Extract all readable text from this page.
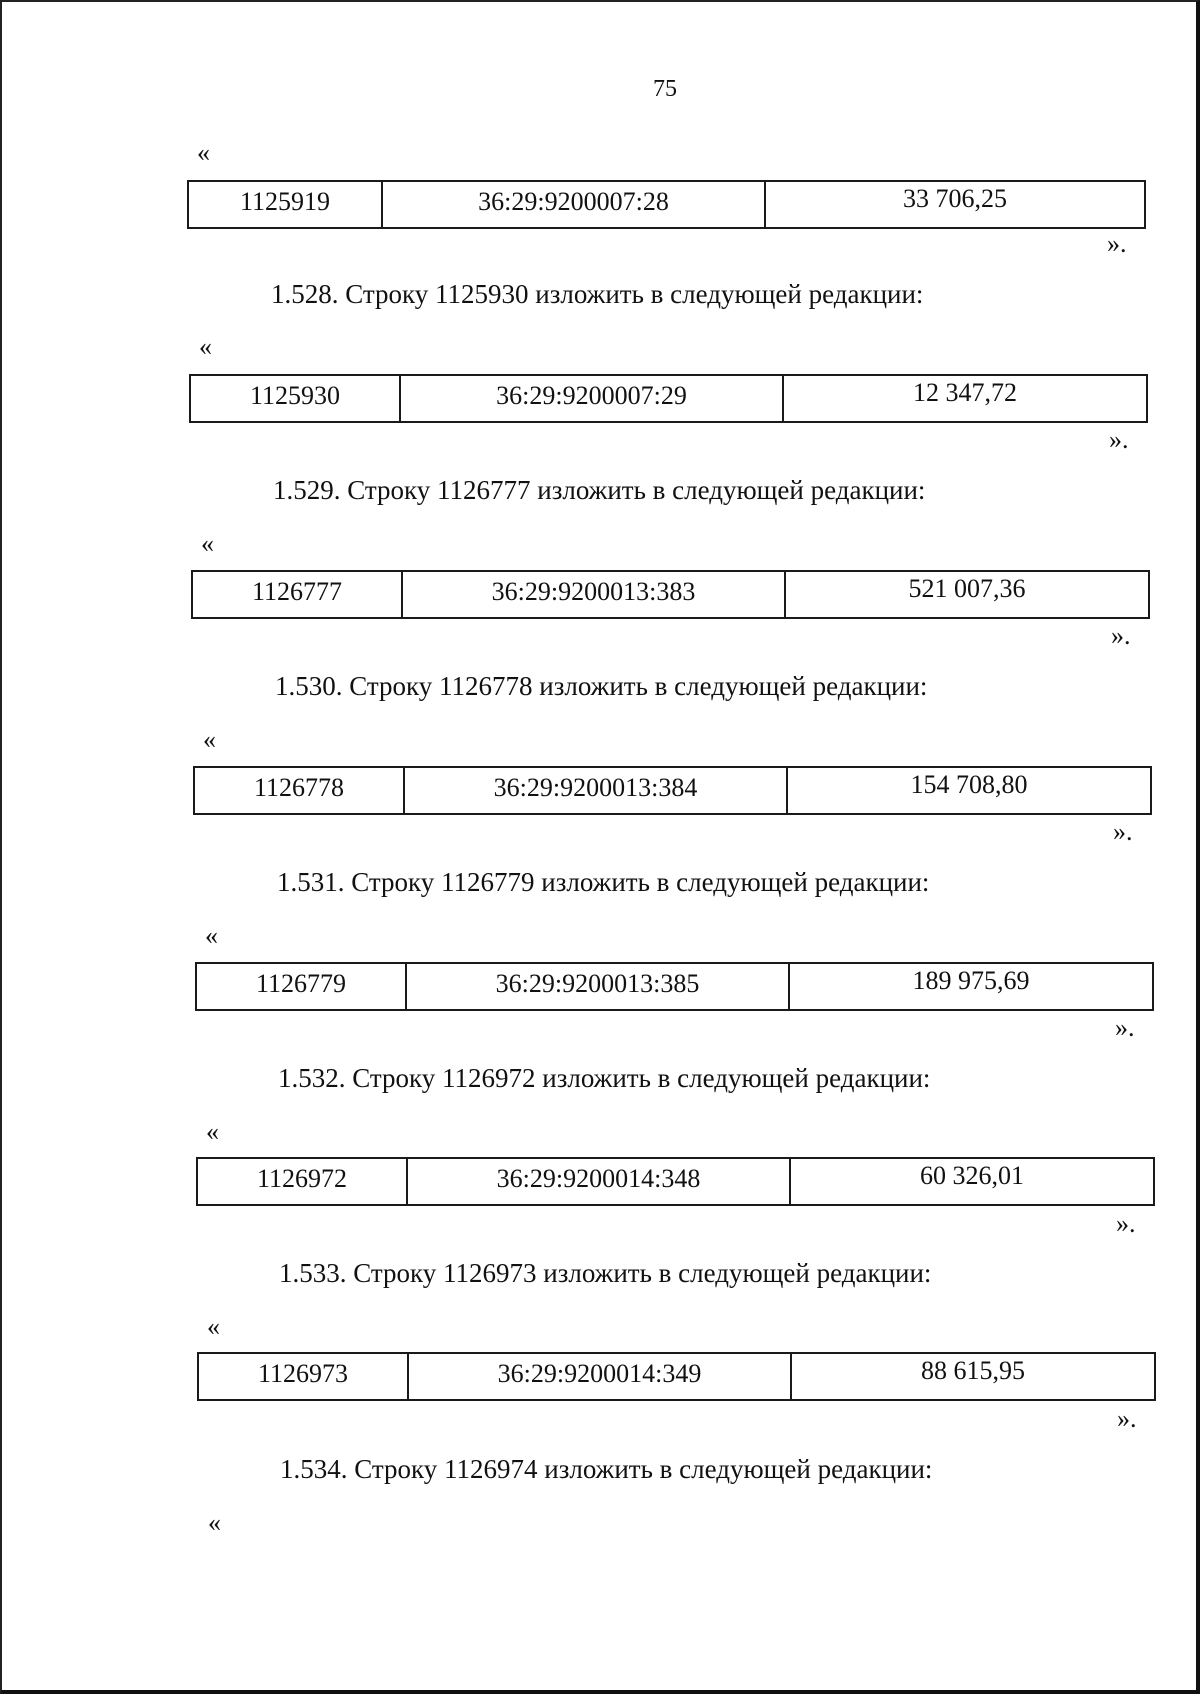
75
«
1125919	36:29:9200007:28	33 706,25
».
1.528. Строку 1125930 изложить в следующей редакции:
«
1125930	36:29:9200007:29	12 347,72
».
1.529. Строку 1126777 изложить в следующей редакции:
«
1126777	36:29:9200013:383	521 007,36
».
1.530. Строку 1126778 изложить в следующей редакции:
«
1126778	36:29:9200013:384	154 708,80
».
1.531. Строку 1126779 изложить в следующей редакции:
«
1126779	36:29:9200013:385	189 975,69
».
1.532. Строку 1126972 изложить в следующей редакции:
«
1126972	36:29:9200014:348	60 326,01
».
1.533. Строку 1126973 изложить в следующей редакции:
«
1126973	36:29:9200014:349	88 615,95
».
1.534. Строку 1126974 изложить в следующей редакции:
«
